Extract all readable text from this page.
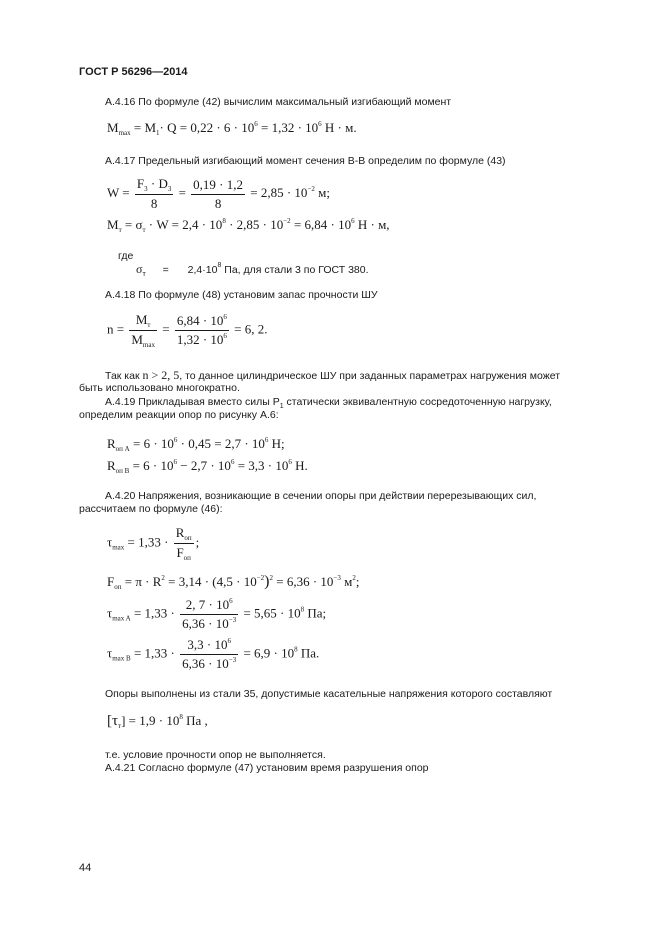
ГОСТ Р 56296—2014
А.4.16 По формуле (42) вычислим максимальный изгибающий момент
$M_{max} = M_1\cdot Q = 0,22 \cdot 6 \cdot 10^6 = 1,32 \cdot 10^6$ Н · м.
А.4.17 Предельный изгибающий момент сечения В-В определим по формуле (43)
$W = \frac{F_3 \cdot D_3}{8} = \frac{0,19 \cdot 1,2}{8} = 2,85 \cdot 10^{-2}$ м;
$M_т = \sigma_т \cdot W = 2,4 \cdot 10^8 \cdot 2,85 \cdot 10^{-2} = 6,84 \cdot 10^6$ Н · м,
где
$\sigma_т = 2,4\cdot 10^8$ Па, для стали 3 по ГОСТ 380.
А.4.18 По формуле (48) установим запас прочности ШУ
$n = \frac{M_т}{M_{max}} = \frac{6,84 \cdot 10^6}{1,32 \cdot 10^6} = 6$, 2.
Так как n > 2, 5, то данное цилиндрическое ШУ при заданных параметрах нагружения может
быть использовано многократно.
А.4.19 Прикладывая вместо силы $Р_1$ статически эквивалентную сосредоточенную нагрузку,
определим реакции опор по рисунку А.6:
$R_{оп А} = 6 \cdot 10^6 \cdot 0,45 = 2,7 \cdot 10^6$ Н;
$R_{оп В} = 6 \cdot 10^6 - 2,7 \cdot 10^6 = 3,3 \cdot 10^6$ Н.
А.4.20 Напряжения, возникающие в сечении опоры при действии перерезывающих сил,
рассчитаем по формуле (46):
$\tau_{max} = 1,33 \cdot \frac{R_{оп}}{F_{оп}}$ ;
$F_{оп} = \pi \cdot R^2 = 3,14 \cdot (4,5 \cdot 10^{-2})^2 = 6,36 \cdot 10^{-3}$ $м^2$;
$\tau_{max A} = 1,33 \cdot \frac{2, 7 \cdot 10^6}{6,36 \cdot 10^{-3}} = 5,65 \cdot 10^8$ Па;
$\tau_{max B} = 1,33 \cdot \frac{3,3 \cdot 10^6}{6,36 \cdot 10^{-3}} = 6,9 \cdot 10^8$ Па.
Опоры выполнены из стали 35, допустимые касательные напряжения которого составляют
$[\tau_т] = 1,9 \cdot 10^8$ Па ,
т.е. условие прочности опор не выполняется.
А.4.21 Согласно формуле (47) установим время разрушения опор
44
